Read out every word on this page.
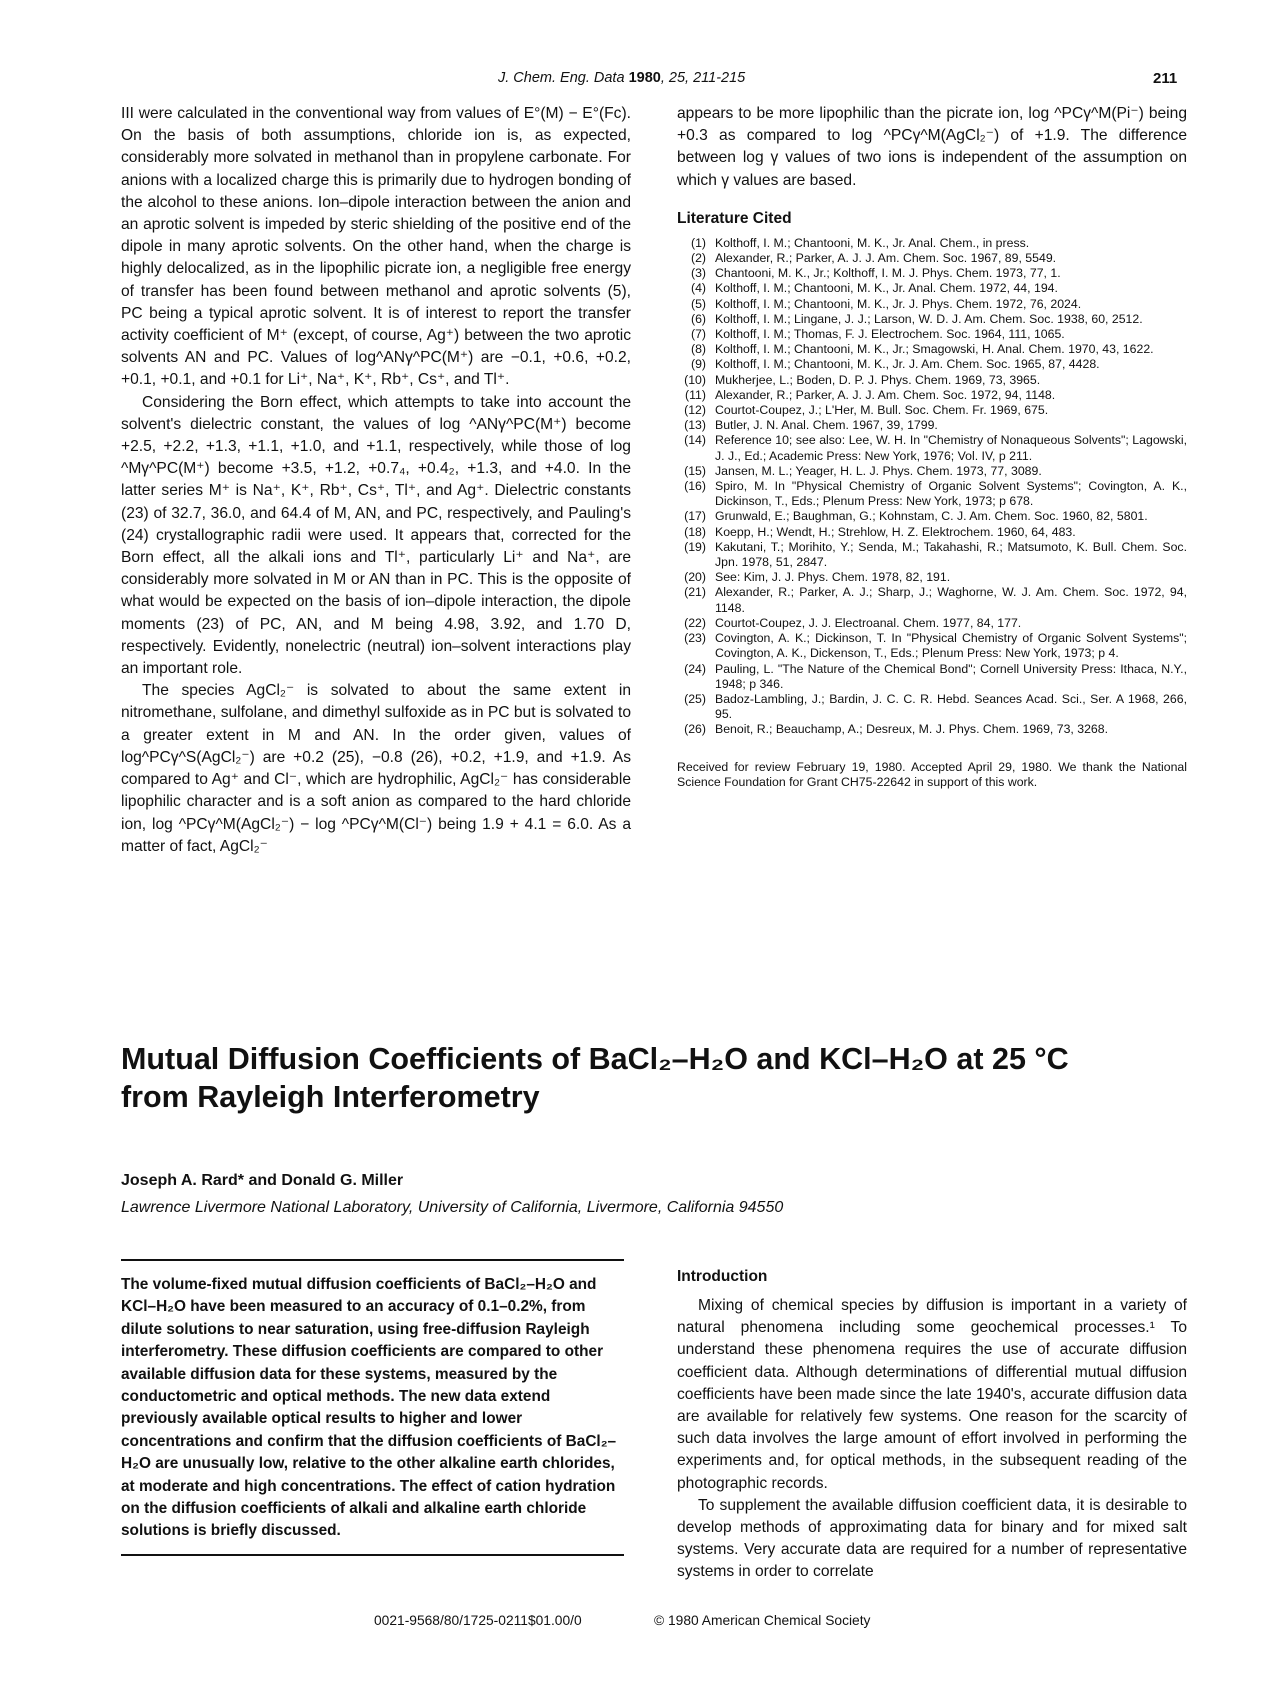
J. Chem. Eng. Data 1980, 25, 211-215	211

III were calculated in the conventional way from values of E°(M) − E°(Fc). On the basis of both assumptions, chloride ion is, as expected, considerably more solvated in methanol than in propylene carbonate. For anions with a localized charge this is primarily due to hydrogen bonding of the alcohol to these anions. Ion–dipole interaction between the anion and an aprotic solvent is impeded by steric shielding of the positive end of the dipole in many aprotic solvents. On the other hand, when the charge is highly delocalized, as in the lipophilic picrate ion, a negligible free energy of transfer has been found between methanol and aprotic solvents (5), PC being a typical aprotic solvent. It is of interest to report the transfer activity coefficient of M⁺ (except, of course, Ag⁺) between the two aprotic solvents AN and PC. Values of log^ANγ^PC(M⁺) are −0.1, +0.6, +0.2, +0.1, +0.1, and +0.1 for Li⁺, Na⁺, K⁺, Rb⁺, Cs⁺, and Tl⁺.

Considering the Born effect, which attempts to take into account the solvent's dielectric constant, the values of log ^ANγ^PC(M⁺) become +2.5, +2.2, +1.3, +1.1, +1.0, and +1.1, respectively, while those of log ^Mγ^PC(M⁺) become +3.5, +1.2, +0.7₄, +0.4₂, +1.3, and +4.0. In the latter series M⁺ is Na⁺, K⁺, Rb⁺, Cs⁺, Tl⁺, and Ag⁺. Dielectric constants (23) of 32.7, 36.0, and 64.4 of M, AN, and PC, respectively, and Pauling's (24) crystallographic radii were used. It appears that, corrected for the Born effect, all the alkali ions and Tl⁺, particularly Li⁺ and Na⁺, are considerably more solvated in M or AN than in PC. This is the opposite of what would be expected on the basis of ion–dipole interaction, the dipole moments (23) of PC, AN, and M being 4.98, 3.92, and 1.70 D, respectively. Evidently, nonelectric (neutral) ion–solvent interactions play an important role.

The species AgCl₂⁻ is solvated to about the same extent in nitromethane, sulfolane, and dimethyl sulfoxide as in PC but is solvated to a greater extent in M and AN. In the order given, values of log^PCγ^S(AgCl₂⁻) are +0.2 (25), −0.8 (26), +0.2, +1.9, and +1.9. As compared to Ag⁺ and Cl⁻, which are hydrophilic, AgCl₂⁻ has considerable lipophilic character and is a soft anion as compared to the hard chloride ion, log ^PCγ^M(AgCl₂⁻) − log ^PCγ^M(Cl⁻) being 1.9 + 4.1 = 6.0. As a matter of fact, AgCl₂⁻

appears to be more lipophilic than the picrate ion, log ^PCγ^M(Pi⁻) being +0.3 as compared to log ^PCγ^M(AgCl₂⁻) of +1.9. The difference between log γ values of two ions is independent of the assumption on which γ values are based.

Literature Cited
(1) Kolthoff, I. M.; Chantooni, M. K., Jr. Anal. Chem., in press.
(2) Alexander, R.; Parker, A. J. J. Am. Chem. Soc. 1967, 89, 5549.
(3) Chantooni, M. K., Jr.; Kolthoff, I. M. J. Phys. Chem. 1973, 77, 1.
(4) Kolthoff, I. M.; Chantooni, M. K., Jr. Anal. Chem. 1972, 44, 194.
(5) Kolthoff, I. M.; Chantooni, M. K., Jr. J. Phys. Chem. 1972, 76, 2024.
(6) Kolthoff, I. M.; Lingane, J. J.; Larson, W. D. J. Am. Chem. Soc. 1938, 60, 2512.
(7) Kolthoff, I. M.; Thomas, F. J. Electrochem. Soc. 1964, 111, 1065.
(8) Kolthoff, I. M.; Chantooni, M. K., Jr.; Smagowski, H. Anal. Chem. 1970, 43, 1622.
(9) Kolthoff, I. M.; Chantooni, M. K., Jr. J. Am. Chem. Soc. 1965, 87, 4428.
(10) Mukherjee, L.; Boden, D. P. J. Phys. Chem. 1969, 73, 3965.
(11) Alexander, R.; Parker, A. J. J. Am. Chem. Soc. 1972, 94, 1148.
(12) Courtot-Coupez, J.; L'Her, M. Bull. Soc. Chem. Fr. 1969, 675.
(13) Butler, J. N. Anal. Chem. 1967, 39, 1799.
(14) Reference 10; see also: Lee, W. H. In "Chemistry of Nonaqueous Solvents"; Lagowski, J. J., Ed.; Academic Press: New York, 1976; Vol. IV, p 211.
(15) Jansen, M. L.; Yeager, H. L. J. Phys. Chem. 1973, 77, 3089.
(16) Spiro, M. In "Physical Chemistry of Organic Solvent Systems"; Covington, A. K., Dickinson, T., Eds.; Plenum Press: New York, 1973; p 678.
(17) Grunwald, E.; Baughman, G.; Kohnstam, C. J. Am. Chem. Soc. 1960, 82, 5801.
(18) Koepp, H.; Wendt, H.; Strehlow, H. Z. Elektrochem. 1960, 64, 483.
(19) Kakutani, T.; Morihito, Y.; Senda, M.; Takahashi, R.; Matsumoto, K. Bull. Chem. Soc. Jpn. 1978, 51, 2847.
(20) See: Kim, J. J. Phys. Chem. 1978, 82, 191.
(21) Alexander, R.; Parker, A. J.; Sharp, J.; Waghorne, W. J. Am. Chem. Soc. 1972, 94, 1148.
(22) Courtot-Coupez, J. J. Electroanal. Chem. 1977, 84, 177.
(23) Covington, A. K.; Dickinson, T. In "Physical Chemistry of Organic Solvent Systems"; Covington, A. K., Dickenson, T., Eds.; Plenum Press: New York, 1973; p 4.
(24) Pauling, L. "The Nature of the Chemical Bond"; Cornell University Press: Ithaca, N.Y., 1948; p 346.
(25) Badoz-Lambling, J.; Bardin, J. C. C. R. Hebd. Seances Acad. Sci., Ser. A 1968, 266, 95.
(26) Benoit, R.; Beauchamp, A.; Desreux, M. J. Phys. Chem. 1969, 73, 3268.
Received for review February 19, 1980. Accepted April 29, 1980. We thank the National Science Foundation for Grant CH75-22642 in support of this work.
Mutual Diffusion Coefficients of BaCl₂–H₂O and KCl–H₂O at 25 °C
from Rayleigh Interferometry
Joseph A. Rard* and Donald G. Miller
Lawrence Livermore National Laboratory, University of California, Livermore, California 94550

The volume-fixed mutual diffusion coefficients of BaCl₂–H₂O and KCl–H₂O have been measured to an accuracy of 0.1–0.2%, from dilute solutions to near saturation, using free-diffusion Rayleigh interferometry. These diffusion coefficients are compared to other available diffusion data for these systems, measured by the conductometric and optical methods. The new data extend previously available optical results to higher and lower concentrations and confirm that the diffusion coefficients of BaCl₂–H₂O are unusually low, relative to the other alkaline earth chlorides, at moderate and high concentrations. The effect of cation hydration on the diffusion coefficients of alkali and alkaline earth chloride solutions is briefly discussed.

Introduction

Mixing of chemical species by diffusion is important in a variety of natural phenomena including some geochemical processes.¹ To understand these phenomena requires the use of accurate diffusion coefficient data. Although determinations of differential mutual diffusion coefficients have been made since the late 1940's, accurate diffusion data are available for relatively few systems. One reason for the scarcity of such data involves the large amount of effort involved in performing the experiments and, for optical methods, in the subsequent reading of the photographic records.

To supplement the available diffusion coefficient data, it is desirable to develop methods of approximating data for binary and for mixed salt systems. Very accurate data are required for a number of representative systems in order to correlate

0021-9568/80/1725-0211$01.00/0	© 1980 American Chemical Society
